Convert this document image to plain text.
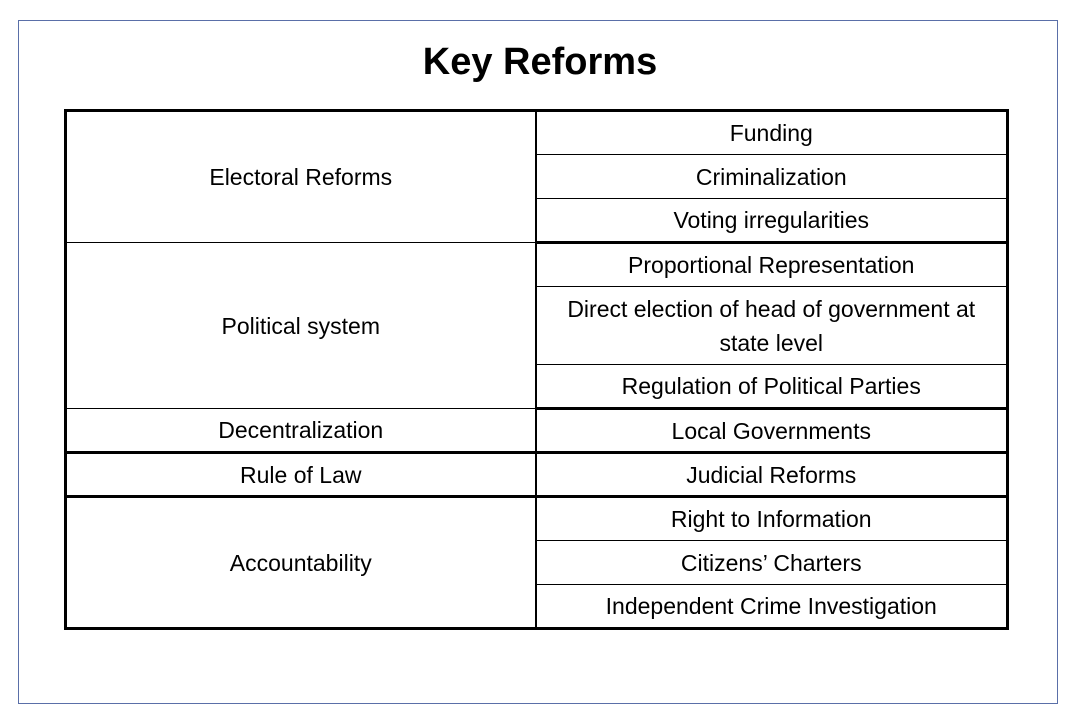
Key Reforms
Electoral Reforms	Funding
	Criminalization
	Voting irregularities
Political system	Proportional Representation
	Direct election of head of government at state level
	Regulation of Political Parties
Decentralization	Local Governments
Rule of Law	Judicial Reforms
Accountability	Right to Information
	Citizens’ Charters
	Independent Crime Investigation
